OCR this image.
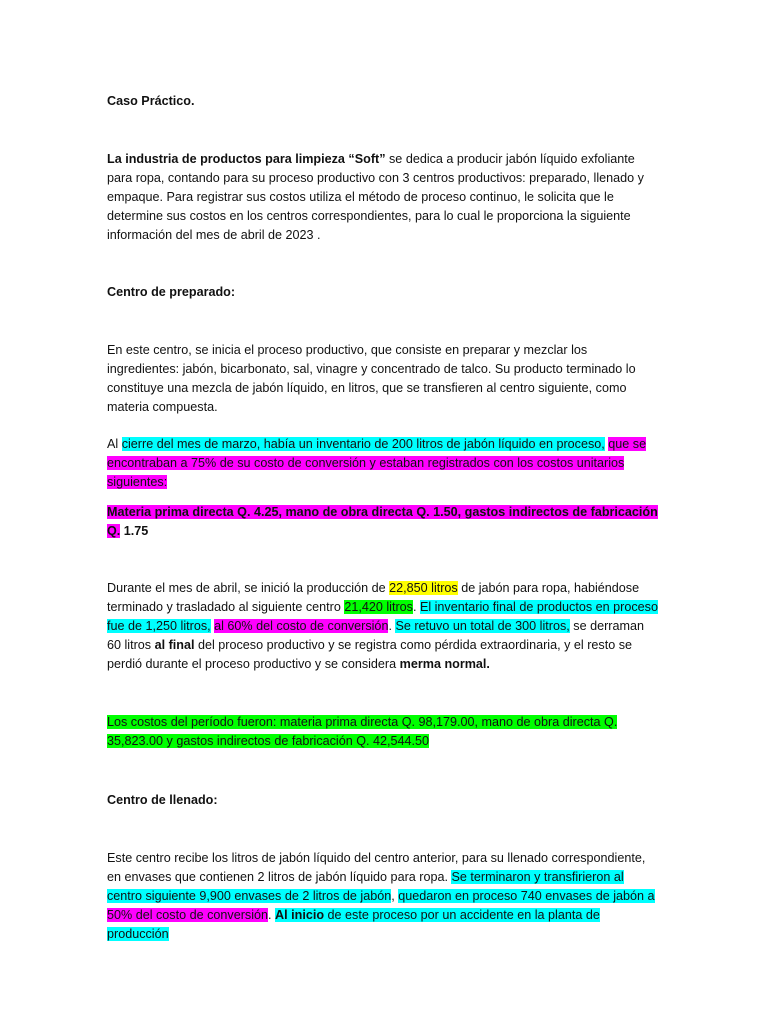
Caso Práctico.

La industria de productos para limpieza “Soft” se dedica a producir jabón líquido exfoliante para ropa, contando para su proceso productivo con 3 centros productivos: preparado, llenado y empaque. Para registrar sus costos utiliza el método de proceso continuo, le solicita que le determine sus costos en los centros correspondientes, para lo cual le proporciona la siguiente información del mes de abril de 2023 .

Centro de preparado:

En este centro, se inicia el proceso productivo, que consiste en preparar y mezclar los ingredientes: jabón, bicarbonato, sal, vinagre y concentrado de talco. Su producto terminado lo constituye una mezcla de jabón líquido, en litros, que se transfieren al centro siguiente, como materia compuesta.

Al cierre del mes de marzo, había un inventario de 200 litros de jabón líquido en proceso, que se encontraban a 75% de su costo de conversión y estaban registrados con los costos unitarios siguientes:

Materia prima directa Q. 4.25, mano de obra directa Q. 1.50, gastos indirectos de fabricación Q. 1.75

Durante el mes de abril, se inició la producción de 22,850 litros de jabón para ropa, habiéndose terminado y trasladado al siguiente centro 21,420 litros. El inventario final de productos en proceso fue de 1,250 litros, al 60% del costo de conversión. Se retuvo un total de 300 litros, se derraman 60 litros al final del proceso productivo y se registra como pérdida extraordinaria, y el resto se perdió durante el proceso productivo y se considera merma normal.

Los costos del período fueron: materia prima directa Q. 98,179.00, mano de obra directa Q. 35,823.00 y gastos indirectos de fabricación Q. 42,544.50

Centro de llenado:

Este centro recibe los litros de jabón líquido del centro anterior, para su llenado correspondiente, en envases que contienen 2 litros de jabón líquido para ropa. Se terminaron y transfirieron al centro siguiente 9,900 envases de 2 litros de jabón, quedaron en proceso 740 envases de jabón a 50% del costo de conversión. Al inicio de este proceso por un accidente en la planta de producción
